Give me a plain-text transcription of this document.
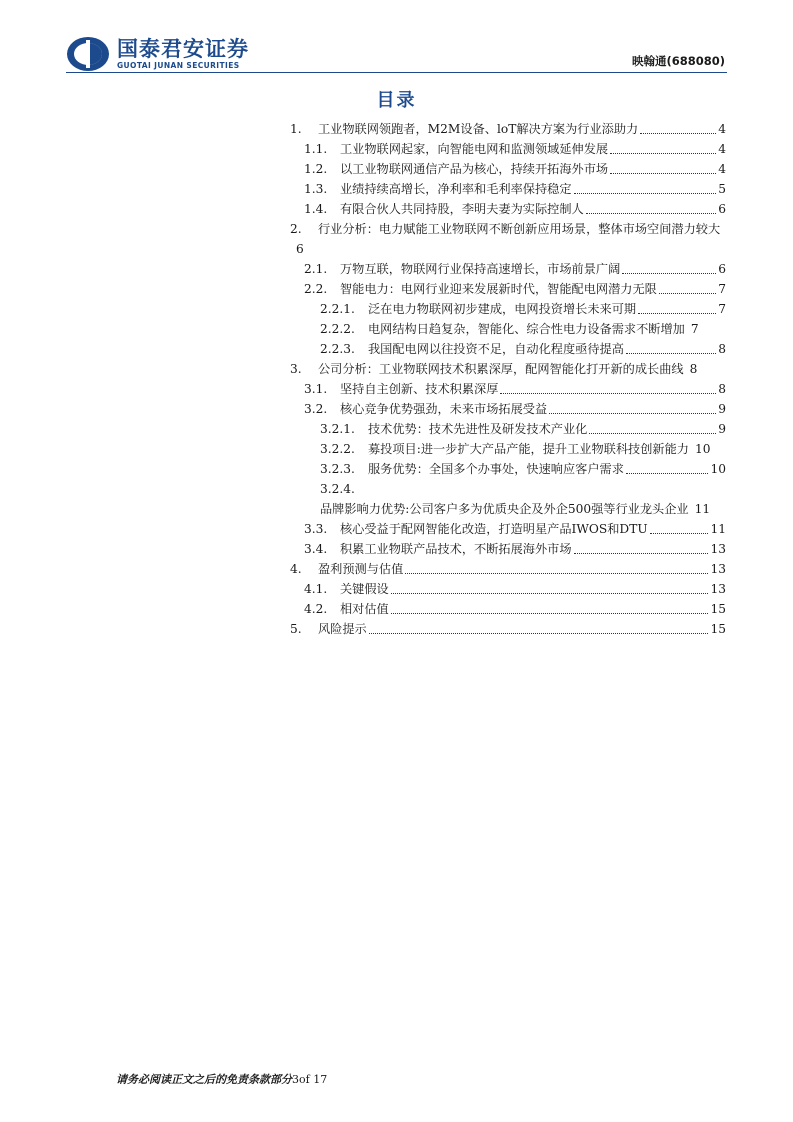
国泰君安证券
GUOTAI JUNAN SECURITIES	映翰通(688080)
目录
1.	工业物联网领跑者，M2M设备、loT解决方案为行业添助力	4
1.1.	工业物联网起家，向智能电网和监测领域延伸发展	4
1.2.	以工业物联网通信产品为核心，持续开拓海外市场	4
1.3.	业绩持续高增长，净利率和毛利率保持稳定	5
1.4.	有限合伙人共同持股，李明夫妻为实际控制人	6
2.	行业分析：电力赋能工业物联网不断创新应用场景，整体市场空间潜力较大
6
2.1.	万物互联，物联网行业保持高速增长，市场前景广阔	6
2.2.	智能电力：电网行业迎来发展新时代，智能配电网潜力无限	7
2.2.1.	泛在电力物联网初步建成，电网投资增长未来可期	7
2.2.2.	电网结构日趋复杂，智能化、综合性电力设备需求不断增加 7
2.2.3.	我国配电网以往投资不足，自动化程度亟待提高	8
3.	公司分析：工业物联网技术积累深厚，配网智能化打开新的成长曲线 8
3.1.	坚持自主创新、技术积累深厚	8
3.2.	核心竞争优势强劲，未来市场拓展受益	9
3.2.1.	技术优势：技术先进性及研发技术产业化	9
3.2.2.	募投项目:进一步扩大产品产能，提升工业物联科技创新能力 10
3.2.3.	服务优势：全国多个办事处，快速响应客户需求	10
3.2.4.
品牌影响力优势:公司客户多为优质央企及外企500强等行业龙头企业 11
3.3.	核心受益于配网智能化改造，打造明星产品IWOS和DTU	11
3.4.	积累工业物联产品技术，不断拓展海外市场	13
4.	盈利预测与估值	13
4.1.	关键假设	13
4.2.	相对估值	15
5.	风险提示	15
请务必阅读正文之后的免责条款部分3of 17
